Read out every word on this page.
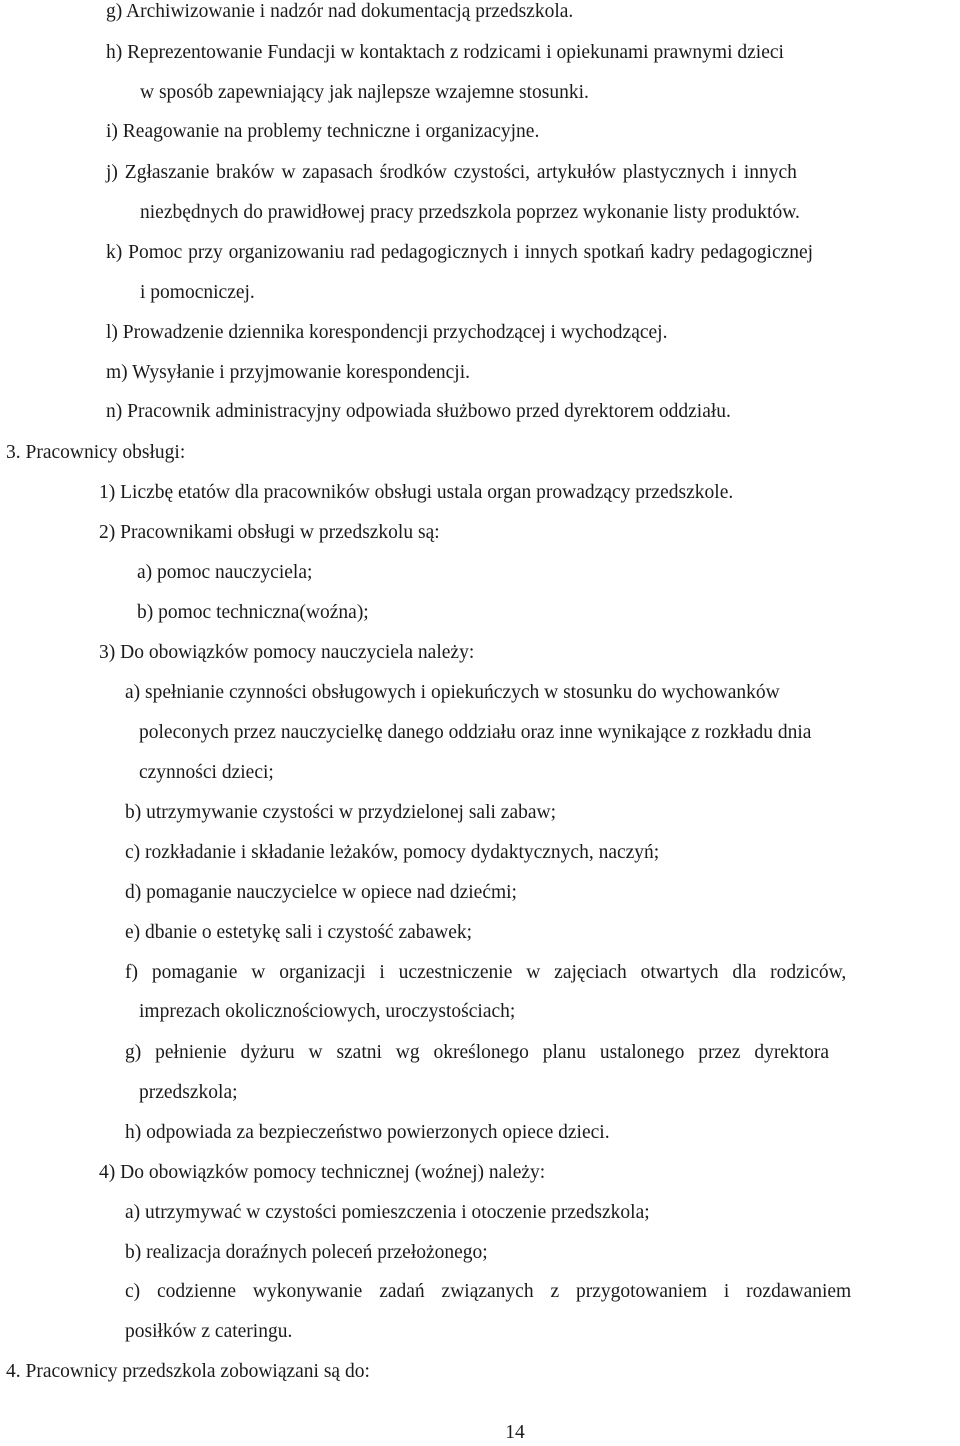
g) Archiwizowanie i nadzór nad dokumentacją przedszkola.
h) Reprezentowanie Fundacji w kontaktach z rodzicami i opiekunami prawnymi dzieci
w sposób zapewniający jak najlepsze wzajemne stosunki.
i) Reagowanie na problemy techniczne i organizacyjne.
j) Zgłaszanie braków w zapasach środków czystości, artykułów plastycznych i innych
niezbędnych do prawidłowej pracy przedszkola poprzez wykonanie listy produktów.
k) Pomoc przy organizowaniu rad pedagogicznych i innych spotkań kadry pedagogicznej
i pomocniczej.
l) Prowadzenie dziennika korespondencji przychodzącej i wychodzącej.
m) Wysyłanie i przyjmowanie korespondencji.
n) Pracownik administracyjny odpowiada służbowo przed dyrektorem oddziału.
3. Pracownicy obsługi:
1) Liczbę etatów dla pracowników obsługi ustala organ prowadzący przedszkole.
2) Pracownikami obsługi w przedszkolu są:
a) pomoc nauczyciela;
b) pomoc techniczna(woźna);
3) Do obowiązków pomocy nauczyciela należy:
a) spełnianie czynności obsługowych i opiekuńczych w stosunku do wychowanków
poleconych przez nauczycielkę danego oddziału oraz inne wynikające z rozkładu dnia
czynności dzieci;
b) utrzymywanie czystości w przydzielonej sali zabaw;
c) rozkładanie i składanie leżaków, pomocy dydaktycznych, naczyń;
d) pomaganie nauczycielce w opiece nad dziećmi;
e) dbanie o estetykę sali i czystość zabawek;
f) pomaganie w organizacji i uczestniczenie w zajęciach otwartych dla rodziców,
imprezach okolicznościowych, uroczystościach;
g) pełnienie dyżuru w szatni wg określonego planu ustalonego przez dyrektora
przedszkola;
h) odpowiada za bezpieczeństwo powierzonych opiece dzieci.
4) Do obowiązków pomocy technicznej (woźnej) należy:
a) utrzymywać w czystości pomieszczenia i otoczenie przedszkola;
b) realizacja doraźnych poleceń przełożonego;
c) codzienne wykonywanie zadań związanych z przygotowaniem i rozdawaniem
posiłków z cateringu.
4. Pracownicy przedszkola zobowiązani są do:
14
